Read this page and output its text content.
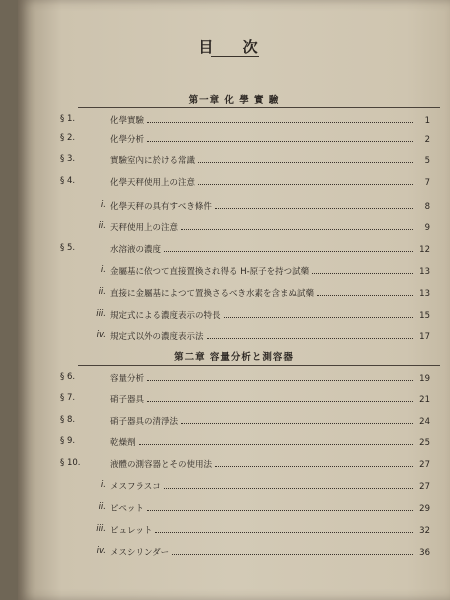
目 次
第一章 化 學 實 驗
§ 1.	化學實驗	1
§ 2.	化學分析	2
§ 3.	實驗室內に於ける常識	5
§ 4.	化學天秤使用上の注意	7
i. 化學天秤の具有すべき條件	8
ii. 天秤使用上の注意	9
§ 5.	水溶液の濃度	12
i. 金屬基に依つて直接置換され得る H-原子を持つ試藥	13
ii. 直接に金屬基によつて置換さるべき水素を含まぬ試藥	13
iii. 規定式による濃度表示の特長	15
iv. 規定式以外の濃度表示法	17
第二章 容量分析と測容器
§ 6.	容量分析	19
§ 7.	硝子器具	21
§ 8.	硝子器具の清淨法	24
§ 9.	乾燥劑	25
§ 10.	液體の測容器とその使用法	27
i. メスフラスコ	27
ii. ピペット	29
iii. ビュレット	32
iv. メスシリンダー	36
